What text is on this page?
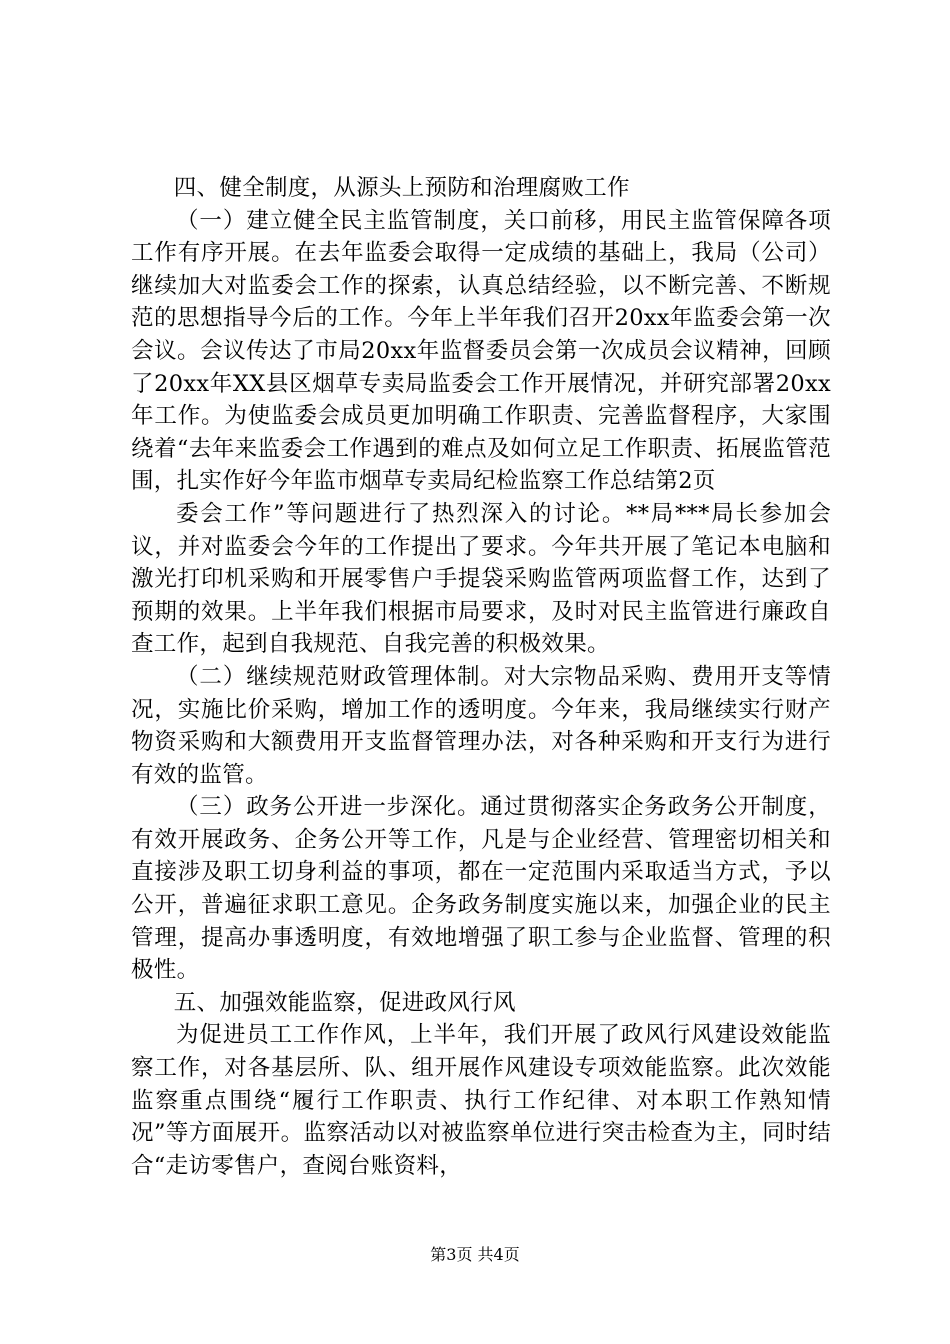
四、健全制度，从源头上预防和治理腐败工作

（一）建立健全民主监管制度，关口前移，用民主监管保障各项工作有序开展。在去年监委会取得一定成绩的基础上，我局（公司）继续加大对监委会工作的探索，认真总结经验，以不断完善、不断规范的思想指导今后的工作。今年上半年我们召开20xx年监委会第一次会议。会议传达了市局20xx年监督委员会第一次成员会议精神，回顾了20xx年XX县区烟草专卖局监委会工作开展情况，并研究部署20xx年工作。为使监委会成员更加明确工作职责、完善监督程序，大家围绕着“去年来监委会工作遇到的难点及如何立足工作职责、拓展监管范围，扎实作好今年监市烟草专卖局纪检监察工作总结第2页

委会工作”等问题进行了热烈深入的讨论。**局***局长参加会议，并对监委会今年的工作提出了要求。今年共开展了笔记本电脑和激光打印机采购和开展零售户手提袋采购监管两项监督工作，达到了预期的效果。上半年我们根据市局要求，及时对民主监管进行廉政自查工作，起到自我规范、自我完善的积极效果。

（二）继续规范财政管理体制。对大宗物品采购、费用开支等情况，实施比价采购，增加工作的透明度。今年来，我局继续实行财产物资采购和大额费用开支监督管理办法，对各种采购和开支行为进行有效的监管。

（三）政务公开进一步深化。通过贯彻落实企务政务公开制度，有效开展政务、企务公开等工作，凡是与企业经营、管理密切相关和直接涉及职工切身利益的事项，都在一定范围内采取适当方式，予以公开，普遍征求职工意见。企务政务制度实施以来，加强企业的民主管理，提高办事透明度，有效地增强了职工参与企业监督、管理的积极性。

五、加强效能监察，促进政风行风

为促进员工工作作风，上半年，我们开展了政风行风建设效能监察工作，对各基层所、队、组开展作风建设专项效能监察。此次效能监察重点围绕“履行工作职责、执行工作纪律、对本职工作熟知情况”等方面展开。监察活动以对被监察单位进行突击检查为主，同时结合“走访零售户，查阅台账资料，

第3页 共4页
